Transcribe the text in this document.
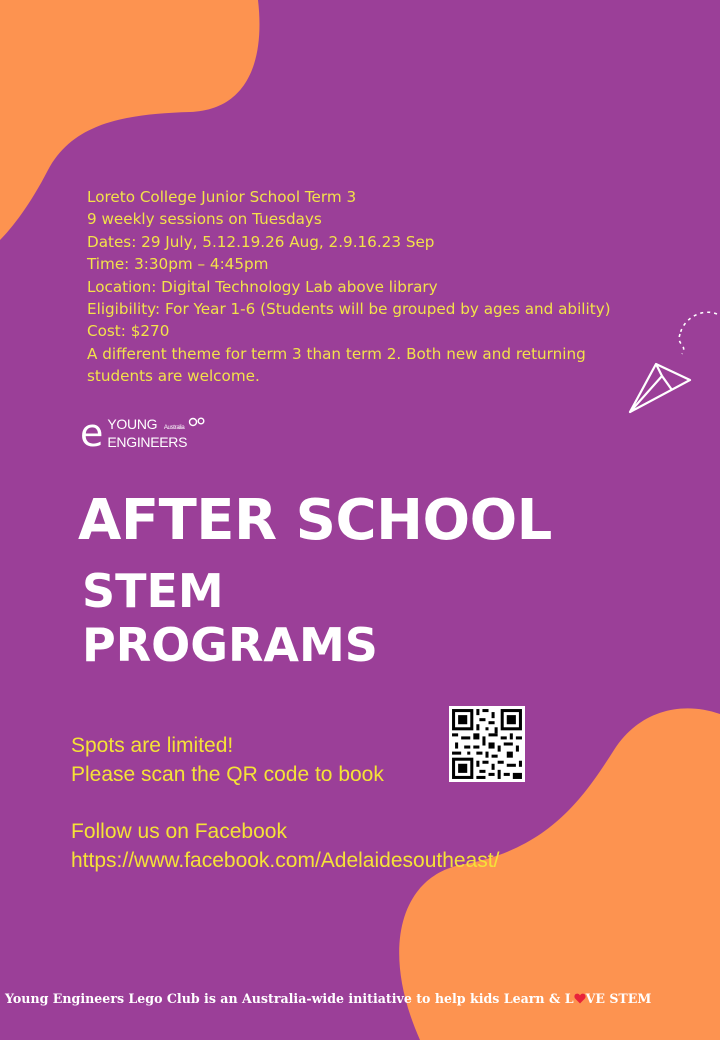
Loreto College Junior School Term 3
9 weekly sessions on Tuesdays
Dates: 29 July, 5.12.19.26 Aug, 2.9.16.23 Sep
Time: 3:30pm – 4:45pm
Location: Digital Technology Lab above library
Eligibility: For Year 1-6 (Students will be grouped by ages and ability)
Cost: $270
A different theme for term 3 than term 2. Both new and returning
students are welcome.
e YOUNG Australia
ENGINEERS
AFTER SCHOOL
STEM
PROGRAMS
Spots are limited!
Please scan the QR code to book
Follow us on Facebook
https://www.facebook.com/Adelaidesoutheast/
Young Engineers Lego Club is an Australia-wide initiative to help kids Learn & L VE STEM
